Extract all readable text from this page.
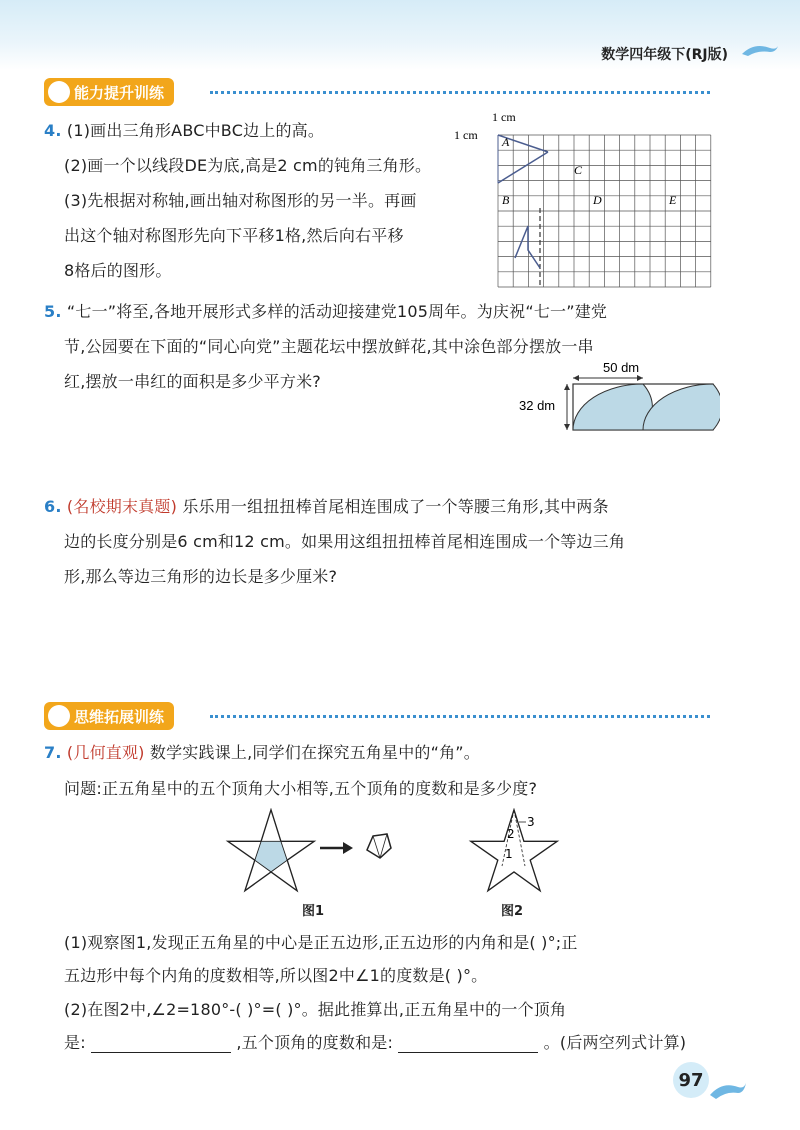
数学四年级下(RJ版)
能力提升训练
4. (1)画出三角形ABC中BC边上的高。
(2)画一个以线段DE为底,高是2 cm的钝角三角形。
(3)先根据对称轴,画出轴对称图形的另一半。再画
出这个轴对称图形先向下平移1格,然后向右平移
8格后的图形。
1 cm
1 cm A
C
B	D	E
5. “七一”将至,各地开展形式多样的活动迎接建党105周年。为庆祝“七一”建党
节,公园要在下面的“同心向党”主题花坛中摆放鲜花,其中涂色部分摆放一串
红,摆放一串红的面积是多少平方米?
50 dm
32 dm
6. (名校期末真题) 乐乐用一组扭扭棒首尾相连围成了一个等腰三角形,其中两条
边的长度分别是6 cm和12 cm。如果用这组扭扭棒首尾相连围成一个等边三角
形,那么等边三角形的边长是多少厘米?
思维拓展训练
7. (几何直观) 数学实践课上,同学们在探究五角星中的“角”。
问题:正五角星中的五个顶角大小相等,五个顶角的度数和是多少度?
1
2
3
图1	图2
(1)观察图1,发现正五角星的中心是正五边形,正五边形的内角和是( )°;正
五边形中每个内角的度数相等,所以图2中∠1的度数是( )°。
(2)在图2中,∠2=180°-( )°=( )°。据此推算出,正五角星中的一个顶角
是:	,五个顶角的度数和是:	。(后两空列式计算)
97
